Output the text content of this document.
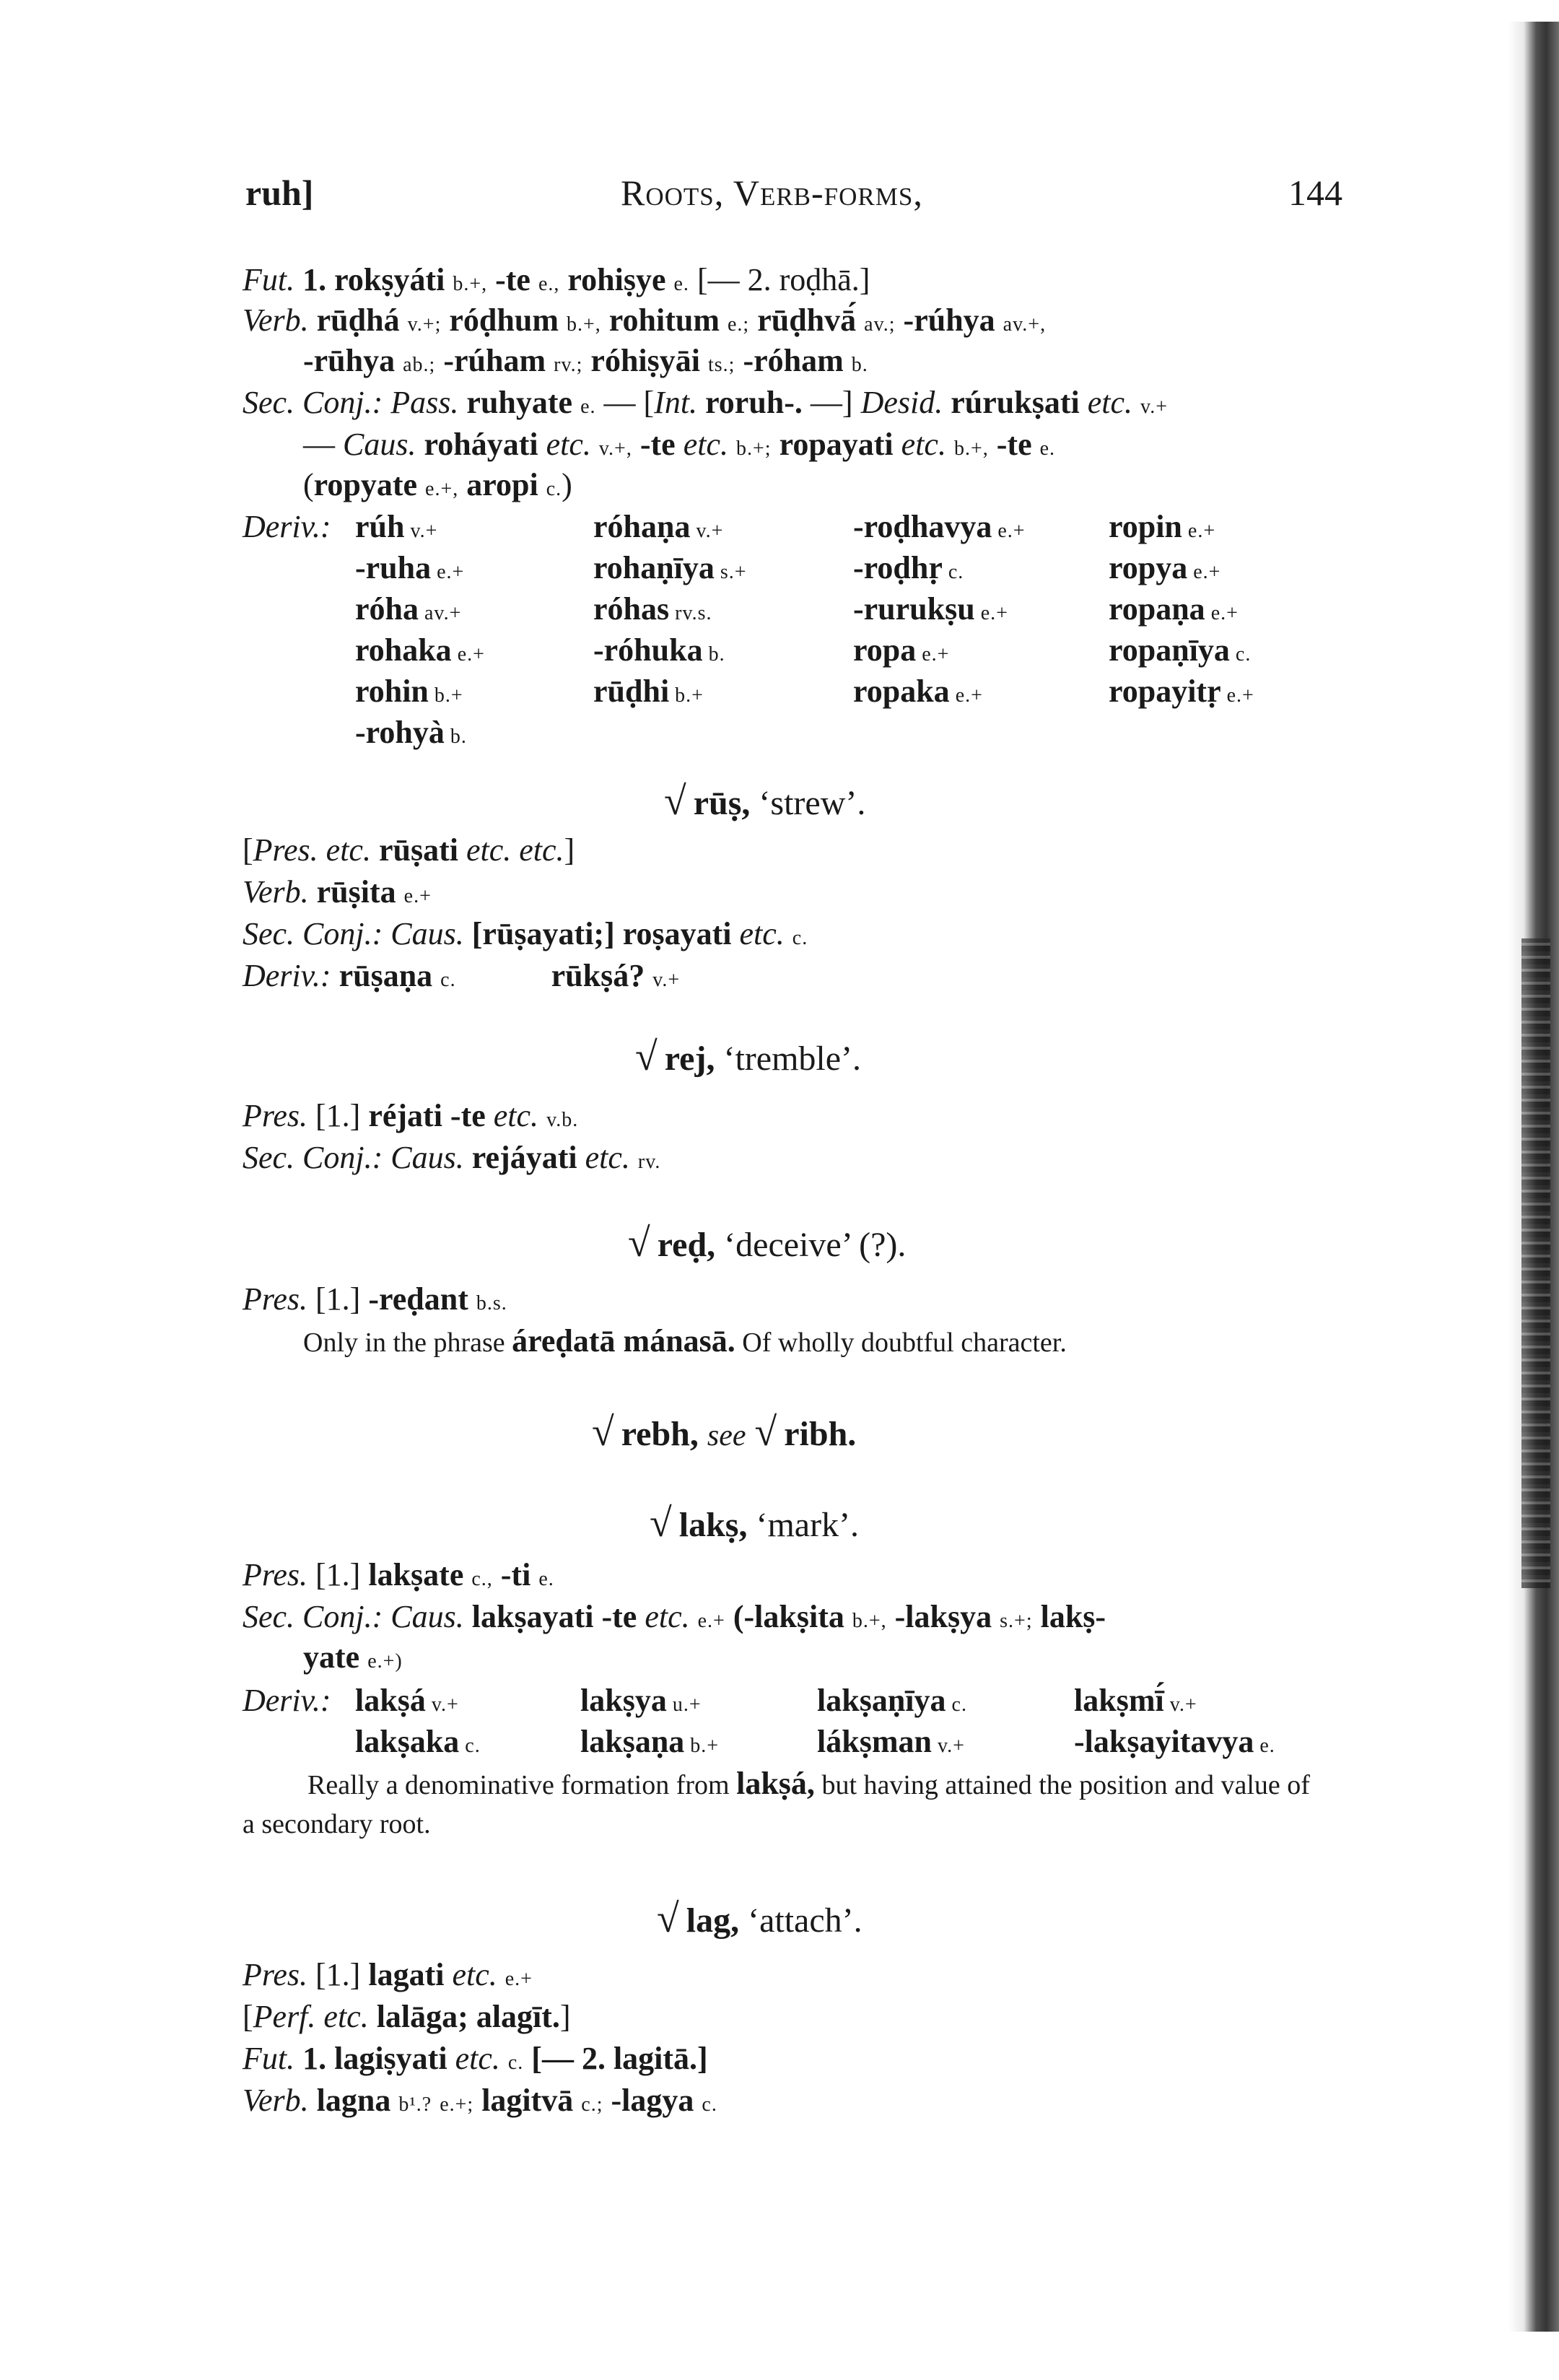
ruh]	Roots, Verb-forms,	144
Fut. 1. rokṣyáti b.+, -te e., rohiṣye e. [— 2. roḍhā.]
Verb. rūḍhá v.+; róḍhum b.+, rohitum e.; rūḍhvā́ av.; -rúhya av.+,
-rūhya ab.; -rúham rv.; róhiṣyāi ts.; -róham b.
Sec. Conj.: Pass. ruhyate e. — [Int. roruh-. —] Desid. rúrukṣati etc. v.+
— Caus. roháyati etc. v.+, -te etc. b.+; ropayati etc. b.+, -te e.
(ropyate e.+, aropi c.)
Deriv.: rúh v.+	róhaṇa v.+	-roḍhavya e.+	ropin e.+
-ruha e.+	rohaṇīya s.+	-roḍhṛ c.	ropya e.+
róha av.+	róhas rv.s.	-rurukṣu e.+	ropaṇa e.+
rohaka e.+	-róhuka b.	ropa e.+	ropaṇīya c.
rohin b.+	rūḍhi b.+	ropaka e.+	ropayitṛ e.+
-rohyà b.
√ rūṣ, ‘strew’.
[Pres. etc. rūṣati etc. etc.]
Verb. rūṣita e.+
Sec. Conj.: Caus. [rūṣayati;] roṣayati etc. c.
Deriv.: rūṣaṇa c.	rūkṣá? v.+
√ rej, ‘tremble’.
Pres. [1.] réjati -te etc. v.b.
Sec. Conj.: Caus. rejáyati etc. rv.
√ reḍ, ‘deceive’ (?).
Pres. [1.] -reḍant b.s.
Only in the phrase áreḍatā mánasā. Of wholly doubtful character.
√ rebh, see √ ribh.
√ lakṣ, ‘mark’.
Pres. [1.] lakṣate c., -ti e.
Sec. Conj.: Caus. lakṣayati -te etc. e.+ (-lakṣita b.+, -lakṣya s.+; lakṣ-
yate e.+)
Deriv.: lakṣá v.+	lakṣya u.+	lakṣaṇīya c.	lakṣmī́ v.+
lakṣaka c.	lakṣaṇa b.+	lákṣman v.+	-lakṣayitavya e.
Really a denominative formation from lakṣá, but having attained the position and value of a secondary root.
√ lag, ‘attach’.
Pres. [1.] lagati etc. e.+
[Perf. etc. lalāga; alagīt.]
Fut. 1. lagiṣyati etc. c. [— 2. lagitā.]
Verb. lagna b¹.? e.+; lagitvā c.; -lagya c.
